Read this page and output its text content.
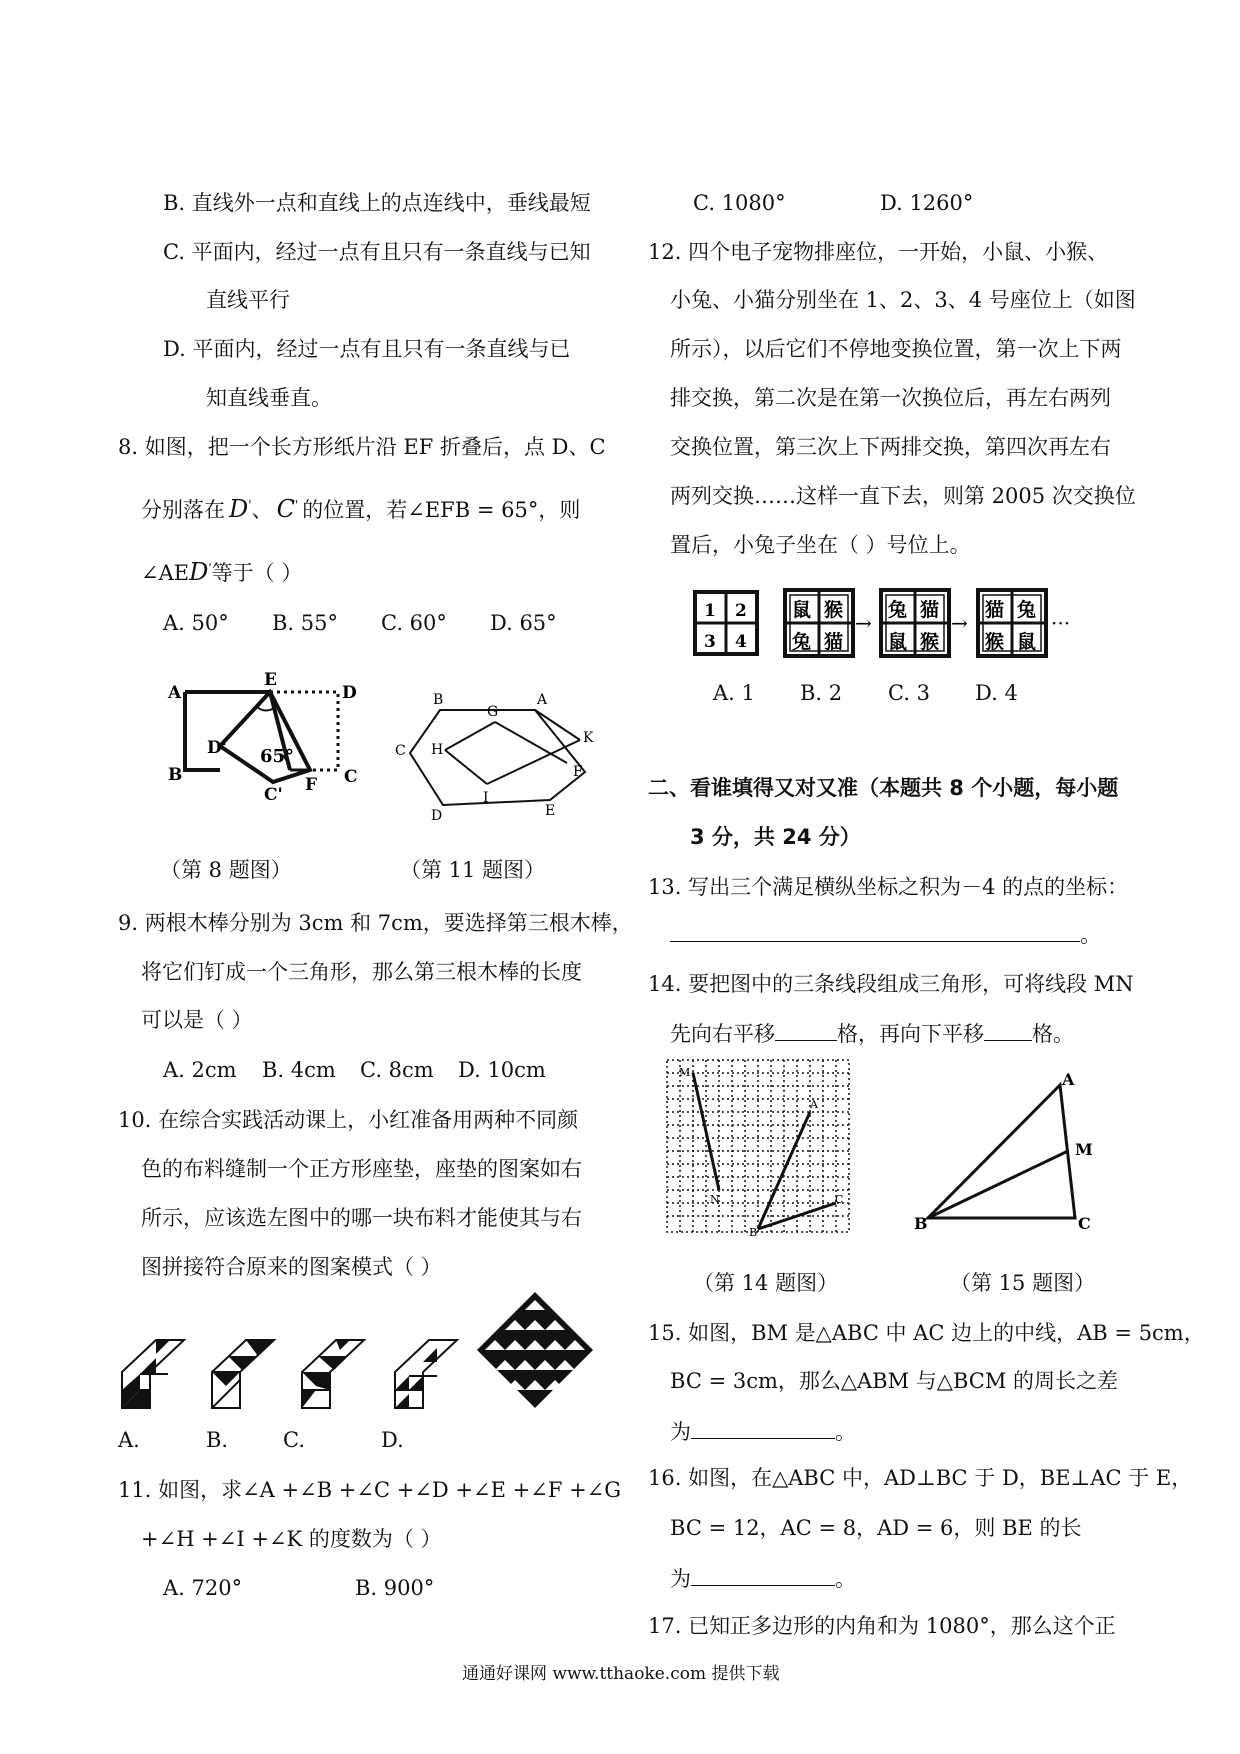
B. 直线外一点和直线上的点连线中，垂线最短
C. 平面内，经过一点有且只有一条直线与已知
直线平行
D. 平面内，经过一点有且只有一条直线与已
知直线垂直。
8. 如图，把一个长方形纸片沿 EF 折叠后，点 D、C
分别落在 D'、 C' 的位置，若∠EFB = 65°，则
∠AED'等于（ ）
A. 50° B. 55° C. 60° D. 65°
A
E
D
D' 65°
B
C' F C
B	A
G
C H
K
F
I
D	E
（第 8 题图）	（第 11 题图）
9. 两根木棒分别为 3cm 和 7cm，要选择第三根木棒，
将它们钉成一个三角形，那么第三根木棒的长度
可以是（ ）
A. 2cm B. 4cm C. 8cm D. 10cm
10. 在综合实践活动课上，小红准备用两种不同颜
色的布料缝制一个正方形座垫，座垫的图案如右
所示，应该选左图中的哪一块布料才能使其与右
图拼接符合原来的图案模式（ ）
A.	B.	C.	D.
11. 如图，求∠A +∠B +∠C +∠D +∠E +∠F +∠G
+∠H +∠I +∠K 的度数为（ ）
A. 720°	B. 900°
C. 1080°	D. 1260°
12. 四个电子宠物排座位，一开始，小鼠、小猴、
小兔、小猫分别坐在 1、2、3、4 号座位上（如图
所示），以后它们不停地变换位置，第一次上下两
排交换，第二次是在第一次换位后，再左右两列
交换位置，第三次上下两排交换，第四次再左右
两列交换……这样一直下去，则第 2005 次交换位
置后，小兔子坐在（ ）号位上。
1 2
3 4
鼠 猴
兔 猫
→
兔 猫
鼠 猴
→
猫 兔
猴 鼠
···
A. 1 B. 2 C. 3 D. 4
二、看谁填得又对又准（本题共 8 个小题，每小题
3 分，共 24 分）
13. 写出三个满足横纵坐标之积为－4 的点的坐标：
。
14. 要把图中的三条线段组成三角形，可将线段 MN
先向右平移	格，再向下平移 格。
M
A
N	C
B
A
M
B	C
（第 14 题图）	（第 15 题图）
15. 如图，BM 是△ABC 中 AC 边上的中线，AB = 5cm，
BC = 3cm，那么△ABM 与△BCM 的周长之差
为	。
16. 如图，在△ABC 中，AD⊥BC 于 D，BE⊥AC 于 E，
BC = 12，AC = 8，AD = 6，则 BE 的长
为	。
17. 已知正多边形的内角和为 1080°，那么这个正
通通好课网 www.tthaoke.com 提供下载
